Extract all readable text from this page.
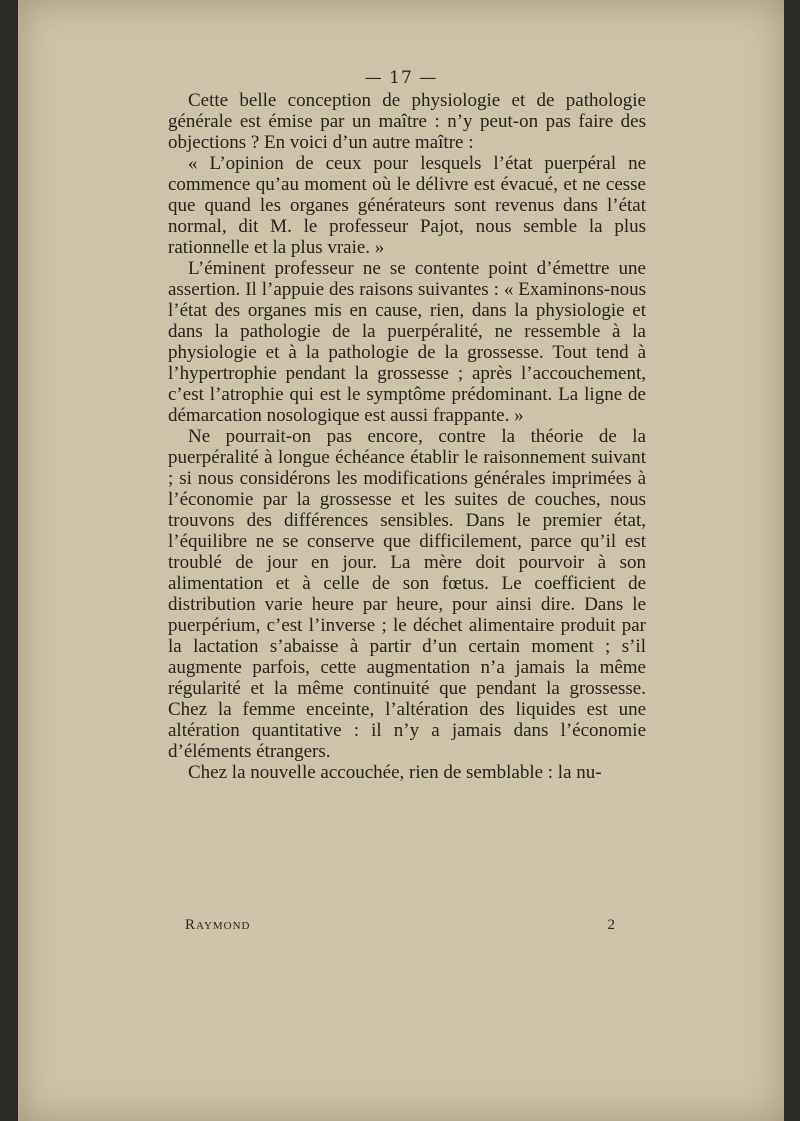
— 17 —

Cette belle conception de physiologie et de pathologie générale est émise par un maître : n’y peut-on pas faire des objections ? En voici d’un autre maître :

« L’opinion de ceux pour lesquels l’état puerpéral ne commence qu’au moment où le délivre est évacué, et ne cesse que quand les organes générateurs sont revenus dans l’état normal, dit M. le professeur Pajot, nous semble la plus rationnelle et la plus vraie. »

L’éminent professeur ne se contente point d’émettre une assertion. Il l’appuie des raisons suivantes : « Examinons-nous l’état des organes mis en cause, rien, dans la physiologie et dans la pathologie de la puerpéralité, ne ressemble à la physiologie et à la pathologie de la grossesse. Tout tend à l’hypertrophie pendant la grossesse ; après l’accouchement, c’est l’atrophie qui est le symptôme prédominant. La ligne de démarcation nosologique est aussi frappante. »

Ne pourrait-on pas encore, contre la théorie de la puerpéralité à longue échéance établir le raisonnement suivant ; si nous considérons les modifications générales imprimées à l’économie par la grossesse et les suites de couches, nous trouvons des différences sensibles. Dans le premier état, l’équilibre ne se conserve que difficilement, parce qu’il est troublé de jour en jour. La mère doit pourvoir à son alimentation et à celle de son fœtus. Le coefficient de distribution varie heure par heure, pour ainsi dire. Dans le puerpérium, c’est l’inverse ; le déchet alimentaire produit par la lactation s’abaisse à partir d’un certain moment ; s’il augmente parfois, cette augmentation n’a jamais la même régularité et la même continuité que pendant la grossesse. Chez la femme enceinte, l’altération des liquides est une altération quantitative : il n’y a jamais dans l’économie d’éléments étrangers.

Chez la nouvelle accouchée, rien de semblable : la nu-

Raymond	2
